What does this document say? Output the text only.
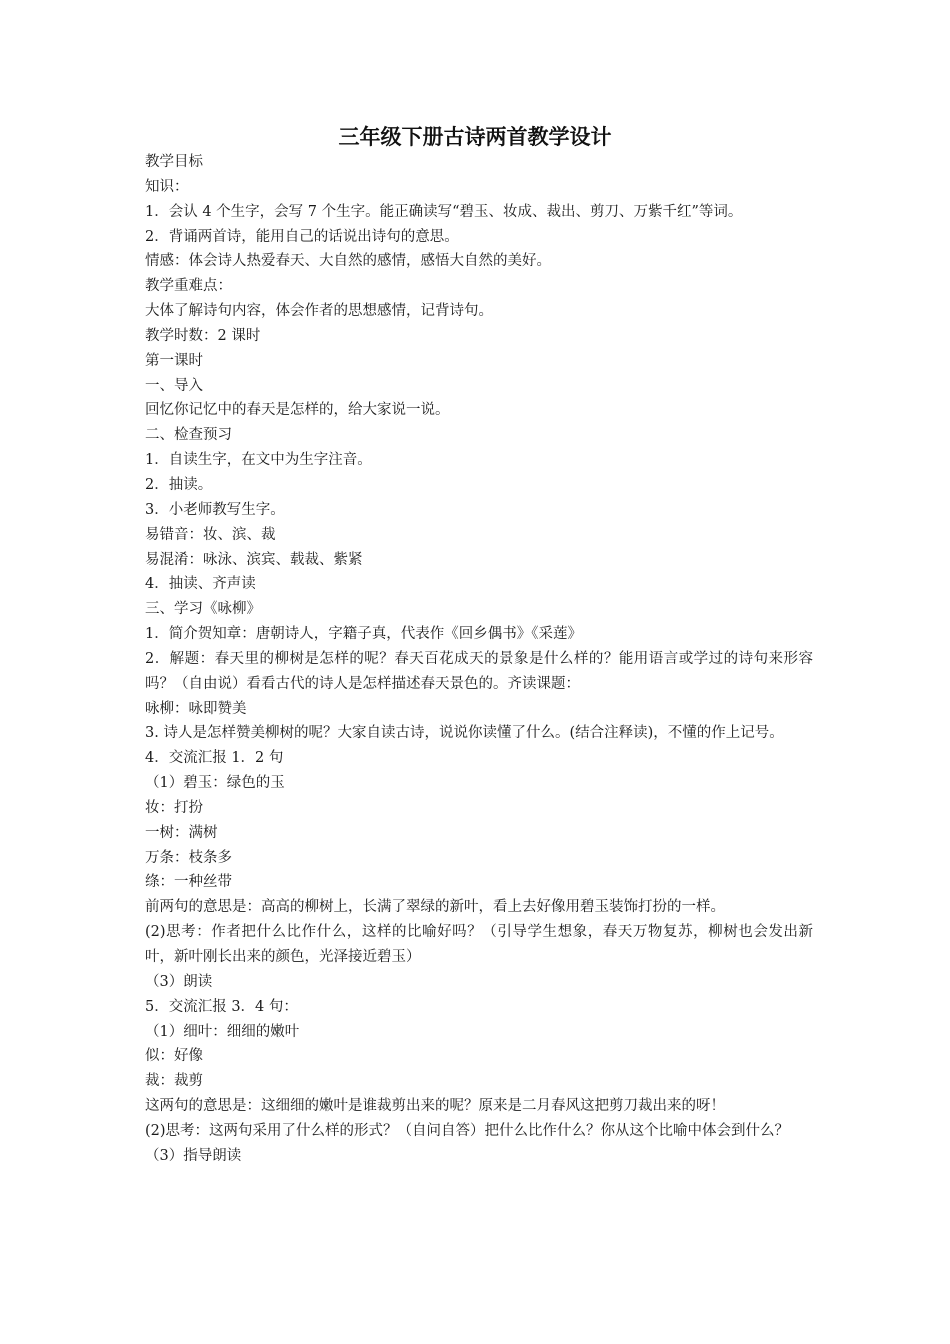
三年级下册古诗两首教学设计

教学目标

知识：

1．会认 4 个生字，会写 7 个生字。能正确读写“碧玉、妆成、裁出、剪刀、万紫千红”等词。

2．背诵两首诗，能用自己的话说出诗句的意思。

情感：体会诗人热爱春天、大自然的感情，感悟大自然的美好。

教学重难点：

大体了解诗句内容，体会作者的思想感情，记背诗句。

教学时数：2 课时

第一课时

一、导入

回忆你记忆中的春天是怎样的，给大家说一说。

二、检查预习

1．自读生字，在文中为生字注音。

2．抽读。

3．小老师教写生字。

易错音：妆、滨、裁

易混淆：咏泳、滨宾、载裁、紫紧

4．抽读、齐声读

三、学习《咏柳》

1．简介贺知章：唐朝诗人，字籍子真，代表作《回乡偶书》《采莲》

2．解题：春天里的柳树是怎样的呢？春天百花成天的景象是什么样的？能用语言或学过的诗句来形容吗？（自由说）看看古代的诗人是怎样描述春天景色的。齐读课题：

咏柳：咏即赞美

3. 诗人是怎样赞美柳树的呢？大家自读古诗，说说你读懂了什么。(结合注释读)，不懂的作上记号。

4．交流汇报 1．2 句

（1）碧玉：绿色的玉

妆：打扮

一树：满树

万条：枝条多

绦：一种丝带

前两句的意思是：高高的柳树上，长满了翠绿的新叶，看上去好像用碧玉装饰打扮的一样。

(2)思考：作者把什么比作什么，这样的比喻好吗？（引导学生想象，春天万物复苏，柳树也会发出新叶，新叶刚长出来的颜色，光泽接近碧玉）

（3）朗读

5．交流汇报 3．4 句：

（1）细叶：细细的嫩叶

似：好像

裁：裁剪

这两句的意思是：这细细的嫩叶是谁裁剪出来的呢？原来是二月春风这把剪刀裁出来的呀！

(2)思考：这两句采用了什么样的形式？（自问自答）把什么比作什么？你从这个比喻中体会到什么？

（3）指导朗读
